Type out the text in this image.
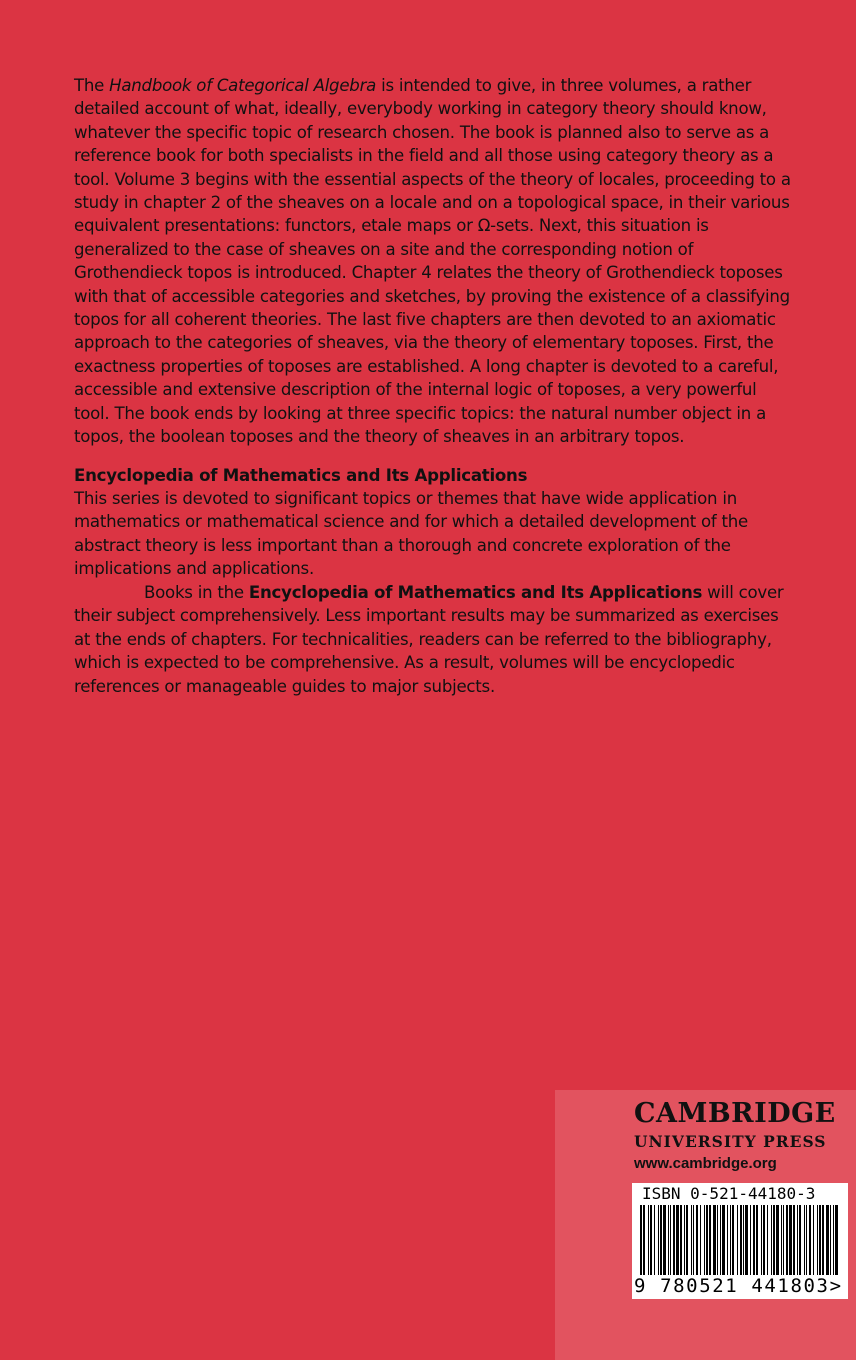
The Handbook of Categorical Algebra is intended to give, in three volumes, a rather detailed account of what, ideally, everybody working in category theory should know, whatever the specific topic of research chosen. The book is planned also to serve as a reference book for both specialists in the field and all those using category theory as a tool. Volume 3 begins with the essential aspects of the theory of locales, proceeding to a study in chapter 2 of the sheaves on a locale and on a topological space, in their various equivalent presentations: functors, etale maps or Ω-sets. Next, this situation is generalized to the case of sheaves on a site and the corresponding notion of Grothendieck topos is introduced. Chapter 4 relates the theory of Grothendieck toposes with that of accessible categories and sketches, by proving the existence of a classifying topos for all coherent theories. The last five chapters are then devoted to an axiomatic approach to the categories of sheaves, via the theory of elementary toposes. First, the exactness properties of toposes are established. A long chapter is devoted to a careful, accessible and extensive description of the internal logic of toposes, a very powerful tool. The book ends by looking at three specific topics: the natural number object in a topos, the boolean toposes and the theory of sheaves in an arbitrary topos.

Encyclopedia of Mathematics and Its Applications

This series is devoted to significant topics or themes that have wide application in mathematics or mathematical science and for which a detailed development of the abstract theory is less important than a thorough and concrete exploration of the implications and applications.

Books in the Encyclopedia of Mathematics and Its Applications will cover their subject comprehensively. Less important results may be summarized as exercises at the ends of chapters. For technicalities, readers can be referred to the bibliography, which is expected to be comprehensive. As a result, volumes will be encyclopedic references or manageable guides to major subjects.

CAMBRIDGE
UNIVERSITY PRESS
www.cambridge.org
ISBN 0-521-44180-3
9 780521 441803>
